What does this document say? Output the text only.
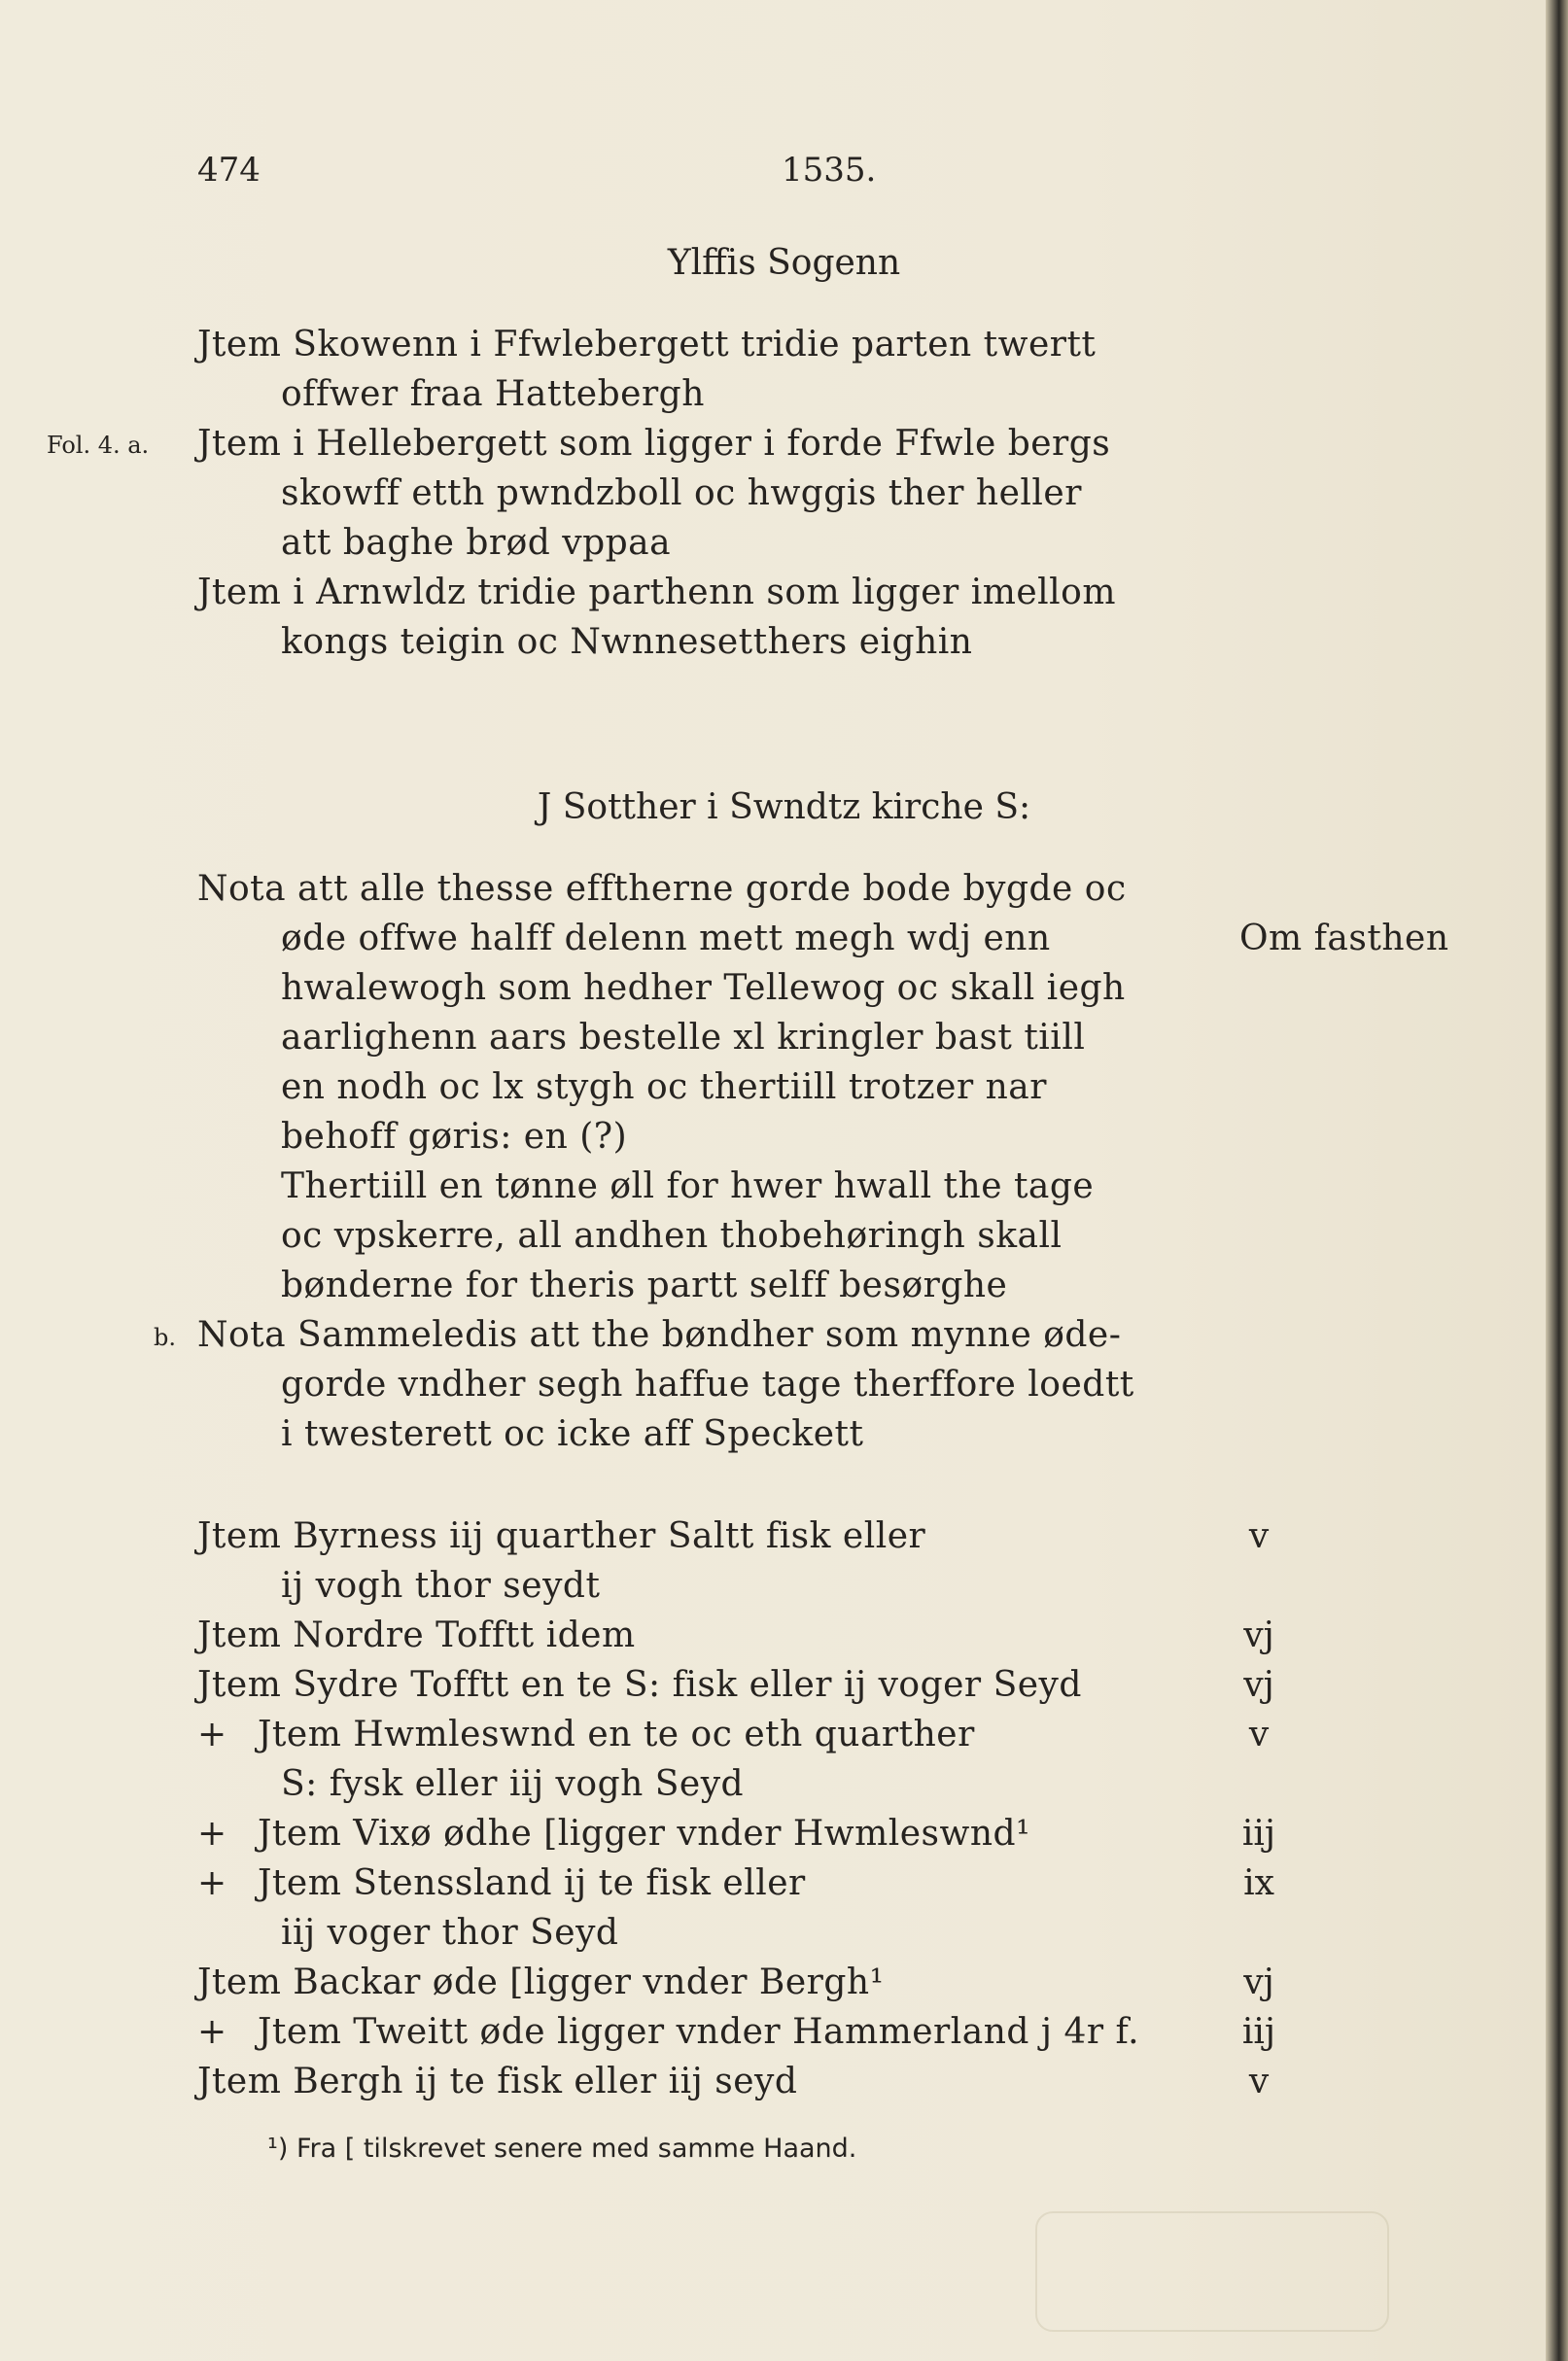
474	1535.
Ylffis Sogenn
Jtem Skowenn i Ffwlebergett tridie parten twertt
offwer fraa Hattebergh
Fol. 4. a. Jtem i Hellebergett som ligger i forde Ffwle bergs
skowff etth pwndzboll oc hwggis ther heller
att baghe brød vppaa
Jtem i Arnwldz tridie parthenn som ligger imellom
kongs teigin oc Nwnnesetthers eighin
J Sotther i Swndtz kirche S:
Nota att alle thesse efftherne gorde bode bygde oc
øde offwe halff delenn mett megh wdj enn	Om fasthen
hwalewogh som hedher Tellewog oc skall iegh
aarlighenn aars bestelle xl kringler bast tiill
en nodh oc lx stygh oc thertiill trotzer nar
behoff gøris: en (?)
Thertiill en tønne øll for hwer hwall the tage
oc vpskerre, all andhen thobehøringh skall
bønderne for theris partt selff besørghe
b. Nota Sammeledis att the bøndher som mynne øde-
gorde vndher segh haffue tage therffore loedtt
i twesterett oc icke aff Speckett
Jtem Byrness iij quarther Saltt fisk eller	v
ij vogh thor seydt
Jtem Nordre Tofftt idem	vj
Jtem Sydre Tofftt en te S: fisk eller ij voger Seyd	vj
+ Jtem Hwmleswnd en te oc eth quarther	v
S: fysk eller iij vogh Seyd
+ Jtem Vixø ødhe [ligger vnder Hwmleswnd¹	iij
+ Jtem Stenssland ij te fisk eller	ix
iij voger thor Seyd
Jtem Backar øde [ligger vnder Bergh¹	vj
+ Jtem Tweitt øde ligger vnder Hammerland j 4r f.	iij
Jtem Bergh ij te fisk eller iij seyd	v
¹) Fra [ tilskrevet senere med samme Haand.
